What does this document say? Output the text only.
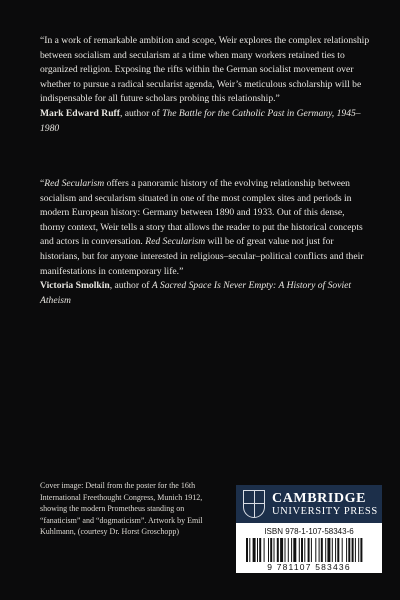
“In a work of remarkable ambition and scope, Weir explores the complex relationship between socialism and secularism at a time when many workers retained ties to organized religion. Exposing the rifts within the German socialist movement over whether to pursue a radical secularist agenda, Weir’s meticulous scholarship will be indispensable for all future scholars probing this relationship.”

Mark Edward Ruff, author of The Battle for the Catholic Past in Germany, 1945–1980

“Red Secularism offers a panoramic history of the evolving relationship between socialism and secularism situated in one of the most complex sites and periods in modern European history: Germany between 1890 and 1933. Out of this dense, thorny context, Weir tells a story that allows the reader to put the historical concepts and actors in conversation. Red Secularism will be of great value not just for historians, but for anyone interested in religious–secular–political conflicts and their manifestations in contemporary life.”

Victoria Smolkin, author of A Sacred Space Is Never Empty: A History of Soviet Atheism

Cover image: Detail from the poster for the 16th International Freethought Congress, Munich 1912, showing the modern Prometheus standing on “fanaticism” and “dogmaticism”. Artwork by Emil Kuhlmann, (courtesy Dr. Horst Groschopp)
CAMBRIDGE
UNIVERSITY PRESS
ISBN 978-1-107-58343-6
9 781107 583436
